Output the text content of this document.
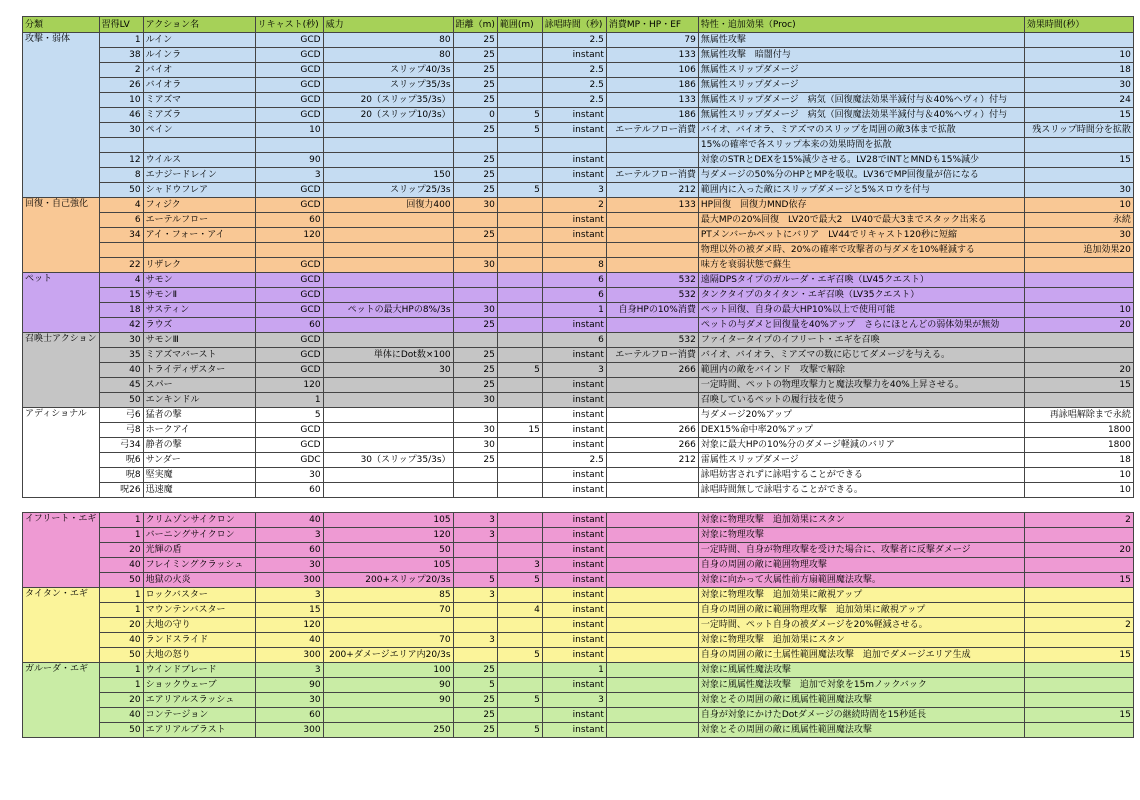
分類	習得LV	アクション名	リキャスト(秒)	威力	距離（m)	範囲(m)	詠唱時間（秒)	消費MP・HP・EF	特性・追加効果（Proc)	効果時間(秒）
攻撃・弱体	1	ルイン	GCD	80	25		2.5	79	無属性攻撃	
	38	ルインラ	GCD	80	25		instant	133	無属性攻撃　暗闇付与	10
	2	バイオ	GCD	スリップ40/3s	25		2.5	106	無属性スリップダメージ	18
	26	バイオラ	GCD	スリップ35/3s	25		2.5	186	無属性スリップダメージ	30
	10	ミアズマ	GCD	20（スリップ35/3s）	25		2.5	133	無属性スリップダメージ　病気（回復魔法効果半減付与＆40%ヘヴィ）付与	24
	46	ミアズラ	GCD	20（スリップ10/3s）	0	5	instant	186	無属性スリップダメージ　病気（回復魔法効果半減付与＆40%ヘヴィ）付与	15
	30	ペイン	10		25	5	instant	エーテルフロー消費	バイオ、バイオラ、ミアズマのスリップを周囲の敵3体まで拡散	残スリップ時間分を拡散
									15%の確率で各スリップ本来の効果時間を拡散	
	12	ウイルス	90		25		instant		対象のSTRとDEXを15%減少させる。LV28でINTとMNDも15%減少	15
	8	エナジードレイン	3	150	25		instant	エーテルフロー消費	与ダメージの50%分のHPとMPを吸収。LV36でMP回復量が倍になる	
	50	シャドウフレア	GCD	スリップ25/3s	25	5	3	212	範囲内に入った敵にスリップダメージと5%スロウを付与	30
回復・自己強化	4	フィジク	GCD	回復力400	30		2	133	HP回復　回復力MND依存	10
	6	エーテルフロー	60				instant		最大MPの20%回復　LV20で最大2　LV40で最大3までスタック出来る	永続
	34	アイ・フォー・アイ	120		25		instant		PTメンバーかペットにバリア　LV44でリキャスト120秒に短縮	30
									物理以外の被ダメ時、20%の確率で攻撃者の与ダメを10%軽減する	追加効果20
	22	リザレク	GCD		30		8		味方を衰弱状態で蘇生	
ペット	4	サモン	GCD				6	532	遠隔DPSタイプのガルーダ・エギ召喚（LV45クエスト）	
	15	サモンⅡ	GCD				6	532	タンクタイプのタイタン・エギ召喚（LV35クエスト）	
	18	サスティン	GCD	ペットの最大HPの8%/3s	30		1	自身HPの10%消費	ペット回復、自身の最大HP10%以上で使用可能	10
	42	ラウズ	60		25		instant		ペットの与ダメと回復量を40%アップ　さらにほとんどの弱体効果が無効	20
召喚士アクション	30	サモンⅢ	GCD				6	532	ファイタータイプのイフリート・エギを召喚	
	35	ミアズマバースト	GCD	単体にDot数×100	25		instant	エーテルフロー消費	バイオ、バイオラ、ミアズマの数に応じてダメージを与える。	
	40	トライディザスター	GCD	30	25	5	3	266	範囲内の敵をバインド　攻撃で解除	20
	45	スパー	120		25		instant		一定時間、ペットの物理攻撃力と魔法攻撃力を40%上昇させる。	15
	50	エンキンドル	1		30		instant		召喚しているペットの履行技を使う	
アディショナル	弓6	猛者の撃	5				instant		与ダメージ20%アップ	再詠唱解除まで永続
	弓8	ホークアイ	GCD		30	15	instant	266	DEX15%命中率20%アップ	1800
	弓34	静者の撃	GCD		30		instant	266	対象に最大HPの10%分のダメージ軽減のバリア	1800
	呪6	サンダー	GDC	30（スリップ35/3s）	25		2.5	212	雷属性スリップダメージ	18
	呪8	堅実魔	30				instant		詠唱妨害されずに詠唱することができる	10
	呪26	迅速魔	60				instant		詠唱時間無しで詠唱することができる。	10

イフリート・エギ	1	クリムゾンサイクロン	40	105	3		instant		対象に物理攻撃　追加効果にスタン	2
	1	バーニングサイクロン	3	120	3		instant		対象に物理攻撃	
	20	光輝の盾	60	50			instant		一定時間、自身が物理攻撃を受けた場合に、攻撃者に反撃ダメージ	20
	40	フレイミングクラッシュ	30	105		3	instant		自身の周囲の敵に範囲物理攻撃	
	50	地獄の火炎	300	200+スリップ20/3s	5	5	instant		対象に向かって火属性前方扇範囲魔法攻撃。	15
タイタン・エギ	1	ロックバスター	3	85	3		instant		対象に物理攻撃　追加効果に敵視アップ	
	1	マウンテンバスター	15	70		4	instant		自身の周囲の敵に範囲物理攻撃　追加効果に敵視アップ	
	20	大地の守り	120				instant		一定時間、ペット自身の被ダメージを20%軽減させる。	2
	40	ランドスライド	40	70	3		instant		対象に物理攻撃　追加効果にスタン	
	50	大地の怒り	300	200+ダメージエリア内20/3s		5	instant		自身の周囲の敵に土属性範囲魔法攻撃　追加でダメージエリア生成	15
ガルーダ・エギ	1	ウインドブレード	3	100	25		1		対象に風属性魔法攻撃	
	1	ショックウェーブ	90	90	5		instant		対象に風属性魔法攻撃　追加で対象を15mノックバック	
	20	エアリアルスラッシュ	30	90	25	5	3		対象とその周囲の敵に風属性範囲魔法攻撃	
	40	コンテージョン	60		25		instant		自身が対象にかけたDotダメージの継続時間を15秒延長	15
	50	エアリアルブラスト	300	250	25	5	instant		対象とその周囲の敵に風属性範囲魔法攻撃	
